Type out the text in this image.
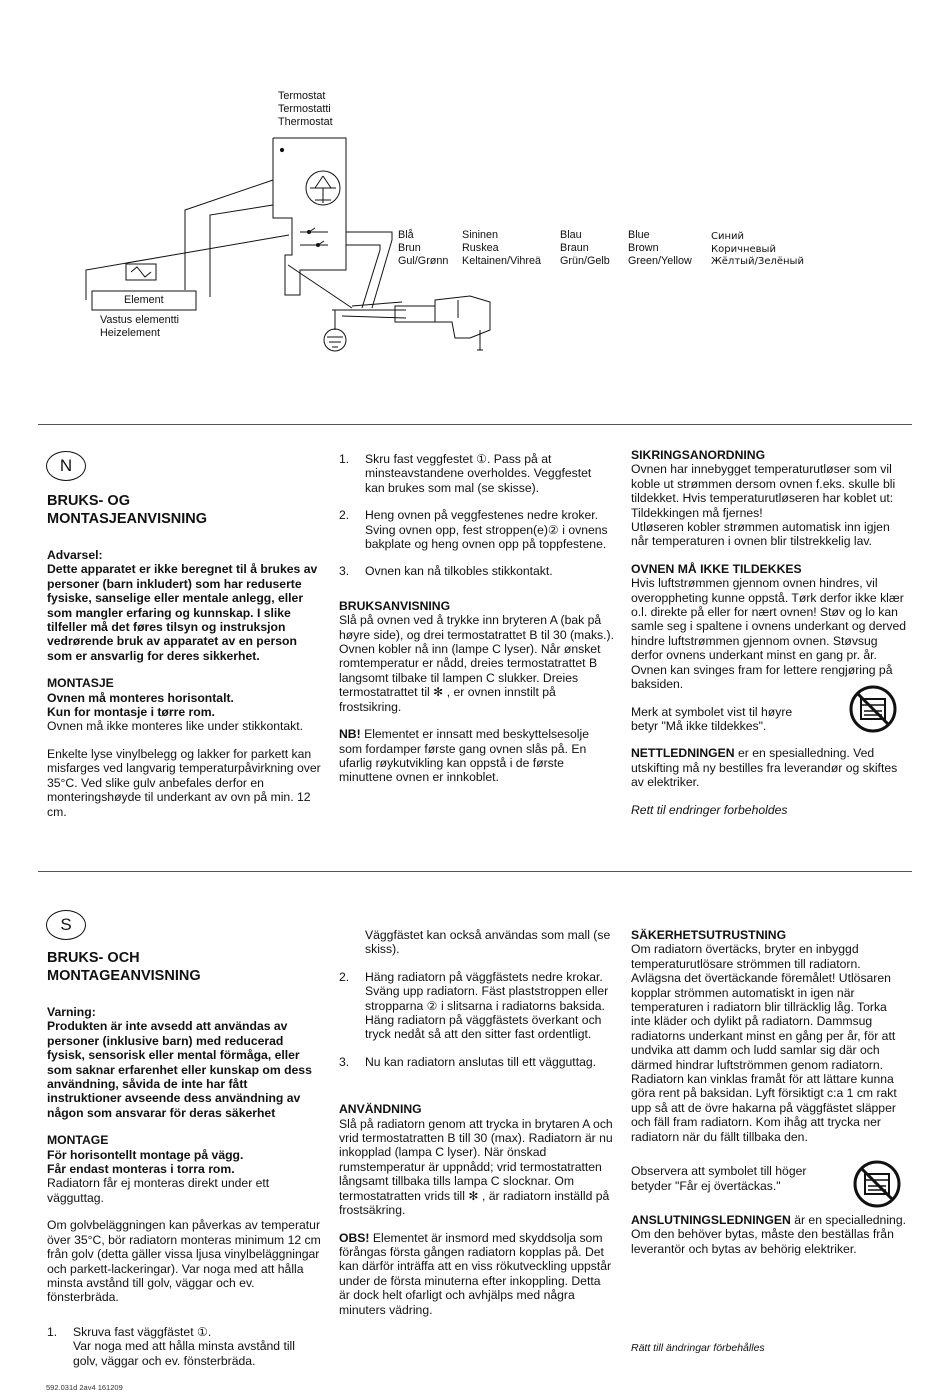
Termostat
Termostatti
Thermostat
Element
Vastus elementti
Heizelement
Blå
Brun
Gul/Grønn
Sininen
Ruskea
Keltainen/Vihreä
Blau
Braun
Grün/Gelb
Blue
Brown
Green/Yellow
Синий
Коричневый
Жёлтый/Зелёный
N
BRUKS- OG
MONTASJEANVISNING

Advarsel:

Dette apparatet er ikke beregnet til å brukes av personer (barn inkludert) som har reduserte fysiske, sanselige eller mentale anlegg, eller som mangler erfaring og kunnskap. I slike tilfeller må det føres tilsyn og instruksjon vedrørende bruk av apparatet av en person som er ansvarlig for deres sikkerhet.

MONTASJE

Ovnen må monteres horisontalt.

Kun for montasje i tørre rom.

Ovnen må ikke monteres like under stikkontakt.

Enkelte lyse vinylbelegg og lakker for parkett kan misfarges ved langvarig temperaturpåvirkning over 35°C. Ved slike gulv anbefales derfor en monteringshøyde til underkant av ovn på min. 12 cm.

1.	Skru fast veggfestet ①. Pass på at minsteavstandene overholdes. Veggfestet kan brukes som mal (se skisse).
2.	Heng ovnen på veggfestenes nedre kroker. Sving ovnen opp, fest stroppen(e)② i ovnens bakplate og heng ovnen opp på toppfestene.
3.	Ovnen kan nå tilkobles stikkontakt.

BRUKSANVISNING

Slå på ovnen ved å trykke inn bryteren A (bak på høyre side), og drei termostatrattet B til 30 (maks.). Ovnen kobler nå inn (lampe C lyser). Når ønsket romtemperatur er nådd, dreies termostatrattet B langsomt tilbake til lampen C slukker. Dreies termostatrattet til ✻ , er ovnen innstilt på frostsikring.

NB! Elementet er innsatt med beskyttelsesolje som fordamper første gang ovnen slås på. En ufarlig røykutvikling kan oppstå i de første minuttene ovnen er innkoblet.

SIKRINGSANORDNING

Ovnen har innebygget temperaturutløser som vil koble ut strømmen dersom ovnen f.eks. skulle bli tildekket. Hvis temperaturutløseren har koblet ut: Tildekkingen må fjernes!

Utløseren kobler strømmen automatisk inn igjen når temperaturen i ovnen blir tilstrekkelig lav.

OVNEN MÅ IKKE TILDEKKES

Hvis luftstrømmen gjennom ovnen hindres, vil overoppheting kunne oppstå. Tørk derfor ikke klær o.l. direkte på eller for nært ovnen! Støv og lo kan samle seg i spaltene i ovnens underkant og derved hindre luftstrømmen gjennom ovnen. Støvsug derfor ovnens underkant minst en gang pr. år. Ovnen kan svinges fram for lettere rengjøring på baksiden.

Merk at symbolet vist til høyre betyr "Må ikke tildekkes".

NETTLEDNINGEN er en spesialledning. Ved utskifting må ny bestilles fra leverandør og skiftes av elektriker.

Rett til endringer forbeholdes

S
BRUKS- OCH
MONTAGEANVISNING

Varning:

Produkten är inte avsedd att användas av personer (inklusive barn) med reducerad fysisk, sensorisk eller mental förmåga, eller som saknar erfarenhet eller kunskap om dess användning, såvida de inte har fått instruktioner avseende dess användning av någon som ansvarar för deras säkerhet

MONTAGE

För horisontellt montage på vägg.

Får endast monteras i torra rom.

Radiatorn får ej monteras direkt under ett vägguttag.

Om golvbeläggningen kan påverkas av temperatur över 35°C, bör radiatorn monteras minimum 12 cm från golv (detta gäller vissa ljusa vinylbeläggningar och parkett-lackeringar). Var noga med att hålla minsta avstånd till golv, väggar och ev. fönsterbräda.

1.	Skruva fast väggfästet ①.

Var noga med att hålla minsta avstånd till golv, väggar och ev. fönsterbräda.

Väggfästet kan också användas som mall (se skiss).

2.	Häng radiatorn på väggfästets nedre krokar. Sväng upp radiatorn. Fäst plaststroppen eller stropparna ② i slitsarna i radiatorns baksida. Häng radiatorn på väggfästets överkant och tryck nedåt så att den sitter fast ordentligt.
3.	Nu kan radiatorn anslutas till ett vägguttag.

ANVÄNDNING

Slå på radiatorn genom att trycka in brytaren A och vrid termostatratten B till 30 (max). Radiatorn är nu inkopplad (lampa C lyser). När önskad rumstemperatur är uppnådd; vrid termostatratten långsamt tillbaka tills lampa C slocknar. Om termostatratten vrids till ✻ , är radiatorn inställd på frostsäkring.

OBS! Elementet är insmord med skyddsolja som förångas första gången radiatorn kopplas på. Det kan därför inträffa att en viss rökutveckling uppstår under de första minuterna efter inkoppling. Detta är dock helt ofarligt och avhjälps med några minuters vädring.

SÄKERHETSUTRUSTNING

Om radiatorn övertäcks, bryter en inbyggd temperaturutlösare strömmen till radiatorn. Avlägsna det övertäckande föremålet! Utlösaren kopplar strömmen automatiskt in igen när temperaturen i radiatorn blir tillräcklig låg. Torka inte kläder och dylikt på radiatorn. Dammsug radiatorns underkant minst en gång per år, för att undvika att damm och ludd samlar sig där och därmed hindrar luftströmmen genom radiatorn. Radiatorn kan vinklas framåt för att lättare kunna göra rent på baksidan. Lyft försiktigt c:a 1 cm rakt upp så att de övre hakarna på väggfästet släpper och fäll fram radiatorn. Kom ihåg att trycka ner radiatorn när du fällt tillbaka den.

Observera att symbolet till höger betyder "Får ej övertäckas."

ANSLUTNINGSLEDNINGEN är en specialledning. Om den behöver bytas, måste den beställas från leverantör och bytas av behörig elektriker.

Rätt till ändringar förbehålles

592.031d 2av4 161209
